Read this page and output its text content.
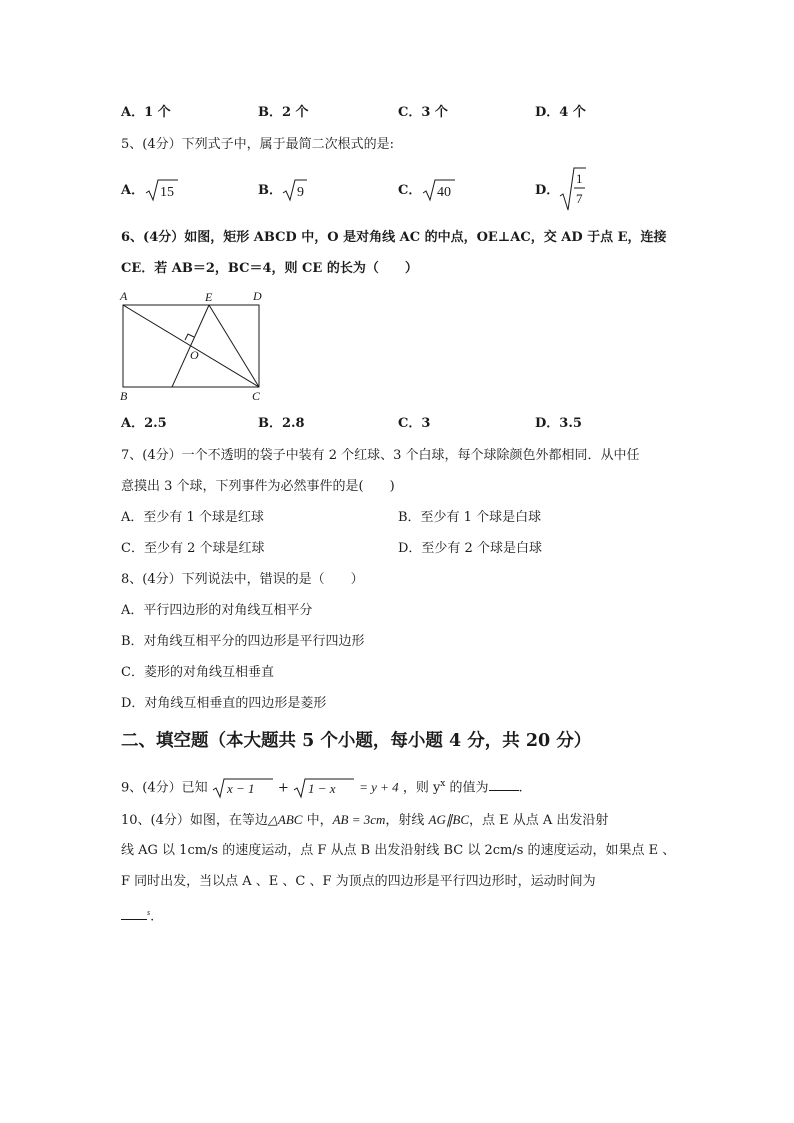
A．1 个	B．2 个	C．3 个	D．4 个
5、(4分）下列式子中，属于最简二次根式的是:
A． 15	B． 9	C． 40	D．
1
7
6、(4分）如图，矩形 ABCD 中，O 是对角线 AC 的中点，OE⊥AC，交 AD 于点 E，连接
CE．若 AB＝2，BC＝4，则 CE 的长为（　　）
A	E	D
O
B	C
A．2.5	B．2.8	C．3	D．3.5
7、(4分）一个不透明的袋子中装有 2 个红球、3 个白球，每个球除颜色外都相同．从中任
意摸出 3 个球，下列事件为必然事件的是(　　)
A．至少有 1 个球是红球	B．至少有 1 个球是白球
C．至少有 2 个球是红球	D．至少有 2 个球是白球
8、(4分）下列说法中，错误的是（　　）
A．平行四边形的对角线互相平分
B．对角线互相平分的四边形是平行四边形
C．菱形的对角线互相垂直
D．对角线互相垂直的四边形是菱形
二、填空题（本大题共 5 个小题，每小题 4 分，共 20 分）
9、(4分）已知 x − 1 + 1 − x = y + 4 ，则 $y^x$ 的值为 .
10、(4分）如图，在等边△ABC 中，AB = 3cm，射线 AG∥BC，点 E 从点 A 出发沿射
线 AG 以 1cm/s 的速度运动，点 F 从点 B 出发沿射线 BC 以 2cm/s 的速度运动，如果点 E 、
F 同时出发，当以点 A 、E 、C 、F 为顶点的四边形是平行四边形时，运动时间为
$^s$.
